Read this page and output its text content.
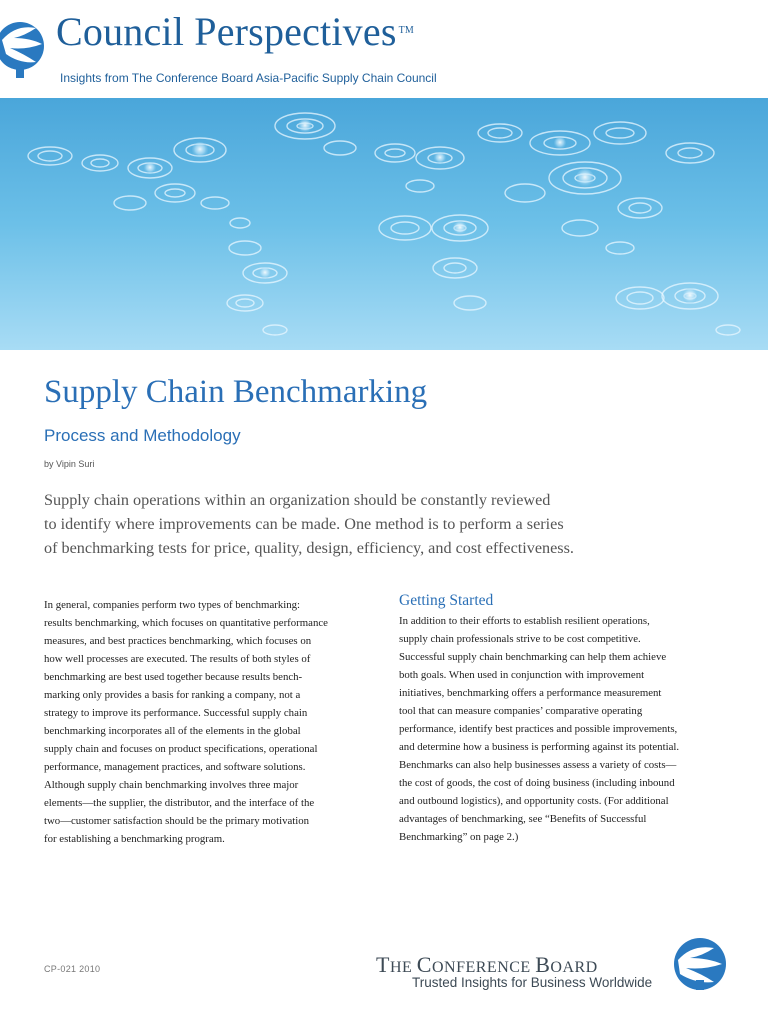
Council Perspectives ™
Insights from The Conference Board Asia-Pacific Supply Chain Council
Supply Chain Benchmarking
Process and Methodology
by Vipin Suri

Supply chain operations within an organization should be constantly reviewed

to identify where improvements can be made. One method is to perform a series

of benchmarking tests for price, quality, design, efficiency, and cost effectiveness.

In general, companies perform two types of benchmarking:

results benchmarking, which focuses on quantitative performance

measures, and best practices benchmarking, which focuses on

how well processes are executed. The results of both styles of

benchmarking are best used together because results bench-

marking only provides a basis for ranking a company, not a

strategy to improve its performance. Successful supply chain

benchmarking incorporates all of the elements in the global

supply chain and focuses on product specifications, operational

performance, management practices, and software solutions.

Although supply chain benchmarking involves three major

elements—the supplier, the distributor, and the interface of the

two—customer satisfaction should be the primary motivation

for establishing a benchmarking program.

Getting Started

In addition to their efforts to establish resilient operations,

supply chain professionals strive to be cost competitive.

Successful supply chain benchmarking can help them achieve

both goals. When used in conjunction with improvement

initiatives, benchmarking offers a performance measurement

tool that can measure companies’ comparative operating

performance, identify best practices and possible improvements,

and determine how a business is performing against its potential.

Benchmarks can also help businesses assess a variety of costs—

the cost of goods, the cost of doing business (including inbound

and outbound logistics), and opportunity costs. (For additional

advantages of benchmarking, see “Benefits of Successful

Benchmarking” on page 2.)

CP-021 2010	THE CONFERENCE BOARD
Trusted Insights for Business Worldwide
